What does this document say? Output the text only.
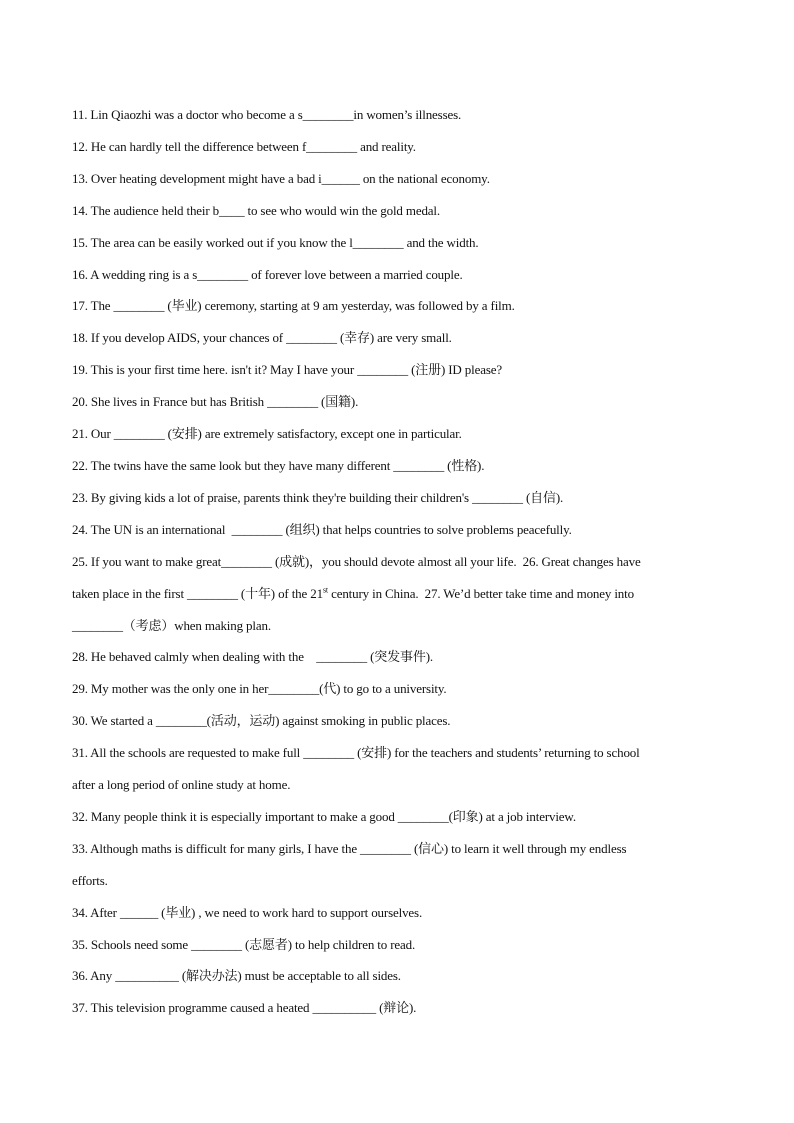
11. Lin Qiaozhi was a doctor who become a s________in women’s illnesses.
12. He can hardly tell the difference between f________ and reality.
13. Over heating development might have a bad i______ on the national economy.
14. The audience held their b____ to see who would win the gold medal.
15. The area can be easily worked out if you know the l________ and the width.
16. A wedding ring is a s________ of forever love between a married couple.
17. The ________ (毕业) ceremony, starting at 9 am yesterday, was followed by a film.
18. If you develop AIDS, your chances of ________ (幸存) are very small.
19. This is your first time here. isn't it? May I have your ________ (注册) ID please?
20. She lives in France but has British ________ (国籍).
21. Our ________ (安排) are extremely satisfactory, except one in particular.
22. The twins have the same look but they have many different ________ (性格).
23. By giving kids a lot of praise, parents think they're building their children's ________ (自信).
24. The UN is an international  ________ (组织) that helps countries to solve problems peacefully.
25. If you want to make great________ (成就)，you should devote almost all your life.  26. Great changes have
taken place in the first ________ (十年) of the 21st century in China. 27. We’d better take time and money into
________（考虑）when making plan.
28. He behaved calmly when dealing with the    ________ (突发事件).
29. My mother was the only one in her________(代) to go to a university.
30. We started a ________(活动，运动) against smoking in public places.
31. All the schools are requested to make full ________ (安排) for the teachers and students’ returning to school
after a long period of online study at home.
32. Many people think it is especially important to make a good ________(印象) at a job interview.
33. Although maths is difficult for many girls, I have the ________ (信心) to learn it well through my endless
efforts.
34. After ______ (毕业) , we need to work hard to support ourselves.
35. Schools need some ________ (志愿者) to help children to read.
36. Any __________ (解决办法) must be acceptable to all sides.
37. This television programme caused a heated __________ (辩论).
